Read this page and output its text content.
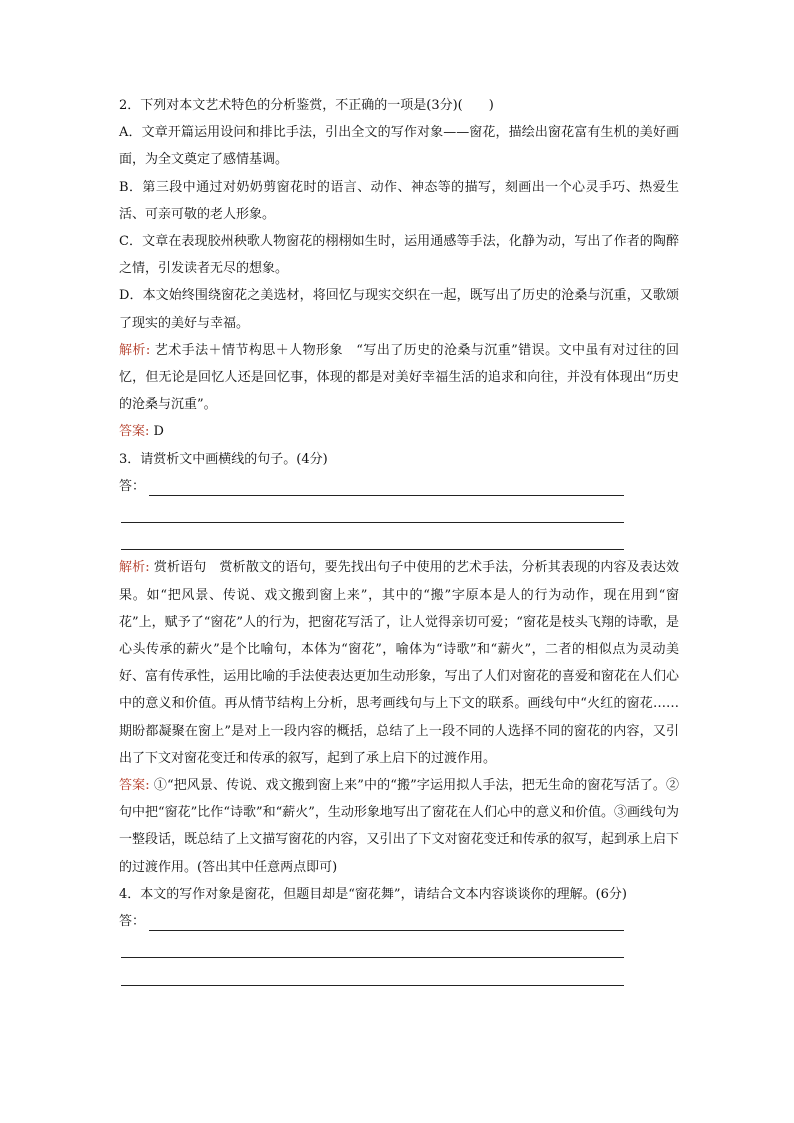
2．下列对本文艺术特色的分析鉴赏，不正确的一项是(3分)(　　)

A．文章开篇运用设问和排比手法，引出全文的写作对象——窗花，描绘出窗花富有生机的美好画面，为全文奠定了感情基调。

B．第三段中通过对奶奶剪窗花时的语言、动作、神态等的描写，刻画出一个心灵手巧、热爱生活、可亲可敬的老人形象。

C．文章在表现胶州秧歌人物窗花的栩栩如生时，运用通感等手法，化静为动，写出了作者的陶醉之情，引发读者无尽的想象。

D．本文始终围绕窗花之美选材，将回忆与现实交织在一起，既写出了历史的沧桑与沉重，又歌颂了现实的美好与幸福。

解析: 艺术手法＋情节构思＋人物形象　“写出了历史的沧桑与沉重”错误。文中虽有对过往的回忆，但无论是回忆人还是回忆事，体现的都是对美好幸福生活的追求和向往，并没有体现出“历史的沧桑与沉重”。

答案: D

3．请赏析文中画横线的句子。(4分)

答：

解析: 赏析语句　赏析散文的语句，要先找出句子中使用的艺术手法，分析其表现的内容及表达效果。如“把风景、传说、戏文搬到窗上来”，其中的“搬”字原本是人的行为动作，现在用到“窗花”上，赋予了“窗花”人的行为，把窗花写活了，让人觉得亲切可爱；“窗花是枝头飞翔的诗歌，是心头传承的薪火”是个比喻句，本体为“窗花”，喻体为“诗歌”和“薪火”，二者的相似点为灵动美好、富有传承性，运用比喻的手法使表达更加生动形象，写出了人们对窗花的喜爱和窗花在人们心中的意义和价值。再从情节结构上分析，思考画线句与上下文的联系。画线句中“火红的窗花……期盼都凝聚在窗上”是对上一段内容的概括，总结了上一段不同的人选择不同的窗花的内容，又引出了下文对窗花变迁和传承的叙写，起到了承上启下的过渡作用。

答案: ①“把风景、传说、戏文搬到窗上来”中的“搬”字运用拟人手法，把无生命的窗花写活了。②句中把“窗花”比作“诗歌”和“薪火”，生动形象地写出了窗花在人们心中的意义和价值。③画线句为一整段话，既总结了上文描写窗花的内容，又引出了下文对窗花变迁和传承的叙写，起到承上启下的过渡作用。(答出其中任意两点即可)

4．本文的写作对象是窗花，但题目却是“窗花舞”，请结合文本内容谈谈你的理解。(6分)

答：
